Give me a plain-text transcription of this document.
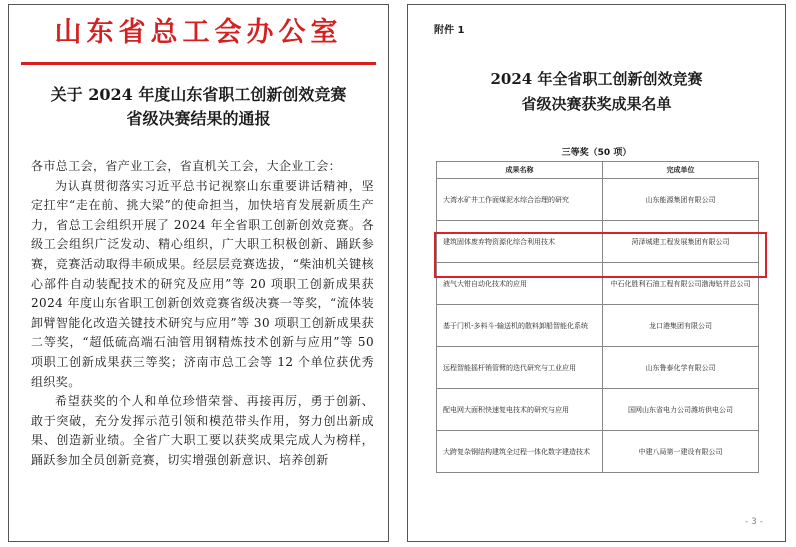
山东省总工会办公室
关于 2024 年度山东省职工创新创效竞赛
省级决赛结果的通报

各市总工会，省产业工会，省直机关工会，大企业工会：

为认真贯彻落实习近平总书记视察山东重要讲话精神，坚定扛牢“走在前、挑大梁”的使命担当，加快培育发展新质生产力，省总工会组织开展了 2024 年全省职工创新创效竞赛。各级工会组织广泛发动、精心组织，广大职工积极创新、踊跃参赛，竞赛活动取得丰硕成果。经层层竞赛选拔，“柴油机关键核心部件自动装配技术的研究及应用”等 20 项职工创新成果获 2024 年度山东省职工创新创效竞赛省级决赛一等奖，“流体装卸臂智能化改造关键技术研究与应用”等 30 项职工创新成果获二等奖，“超低硫高端石油管用钢精炼技术创新与应用”等 50 项职工创新成果获三等奖；济南市总工会等 12 个单位获优秀组织奖。

希望获奖的个人和单位珍惜荣誉、再接再厉，勇于创新、敢于突破，充分发挥示范引领和模范带头作用，努力创出新成果、创造新业绩。全省广大职工要以获奖成果完成人为榜样，踊跃参加全员创新竞赛，切实增强创新意识、培养创新

附件 1
2024 年全省职工创新创效竞赛
省级决赛获奖成果名单
三等奖（50 项）
成果名称	完成单位
大湾水矿井工作面煤泥水综合治理的研究	山东能源集团有限公司
建筑固体废弃物资源化综合利用技术	菏泽城建工程发展集团有限公司
液气大钳自动化技术的应用	中石化胜利石油工程有限公司渤海钻井总公司
基于门机-多料斗-输送机的散料卸船智能化系统	龙口港集团有限公司
远程智能摇杆销管臂的迭代研究与工业应用	山东鲁泰化学有限公司
配电网大面积快速复电技术的研究与应用	国网山东省电力公司潍坊供电公司
大跨复杂钢结构建筑全过程一体化数字建造技术	中建八局第一建设有限公司
- 3 -
